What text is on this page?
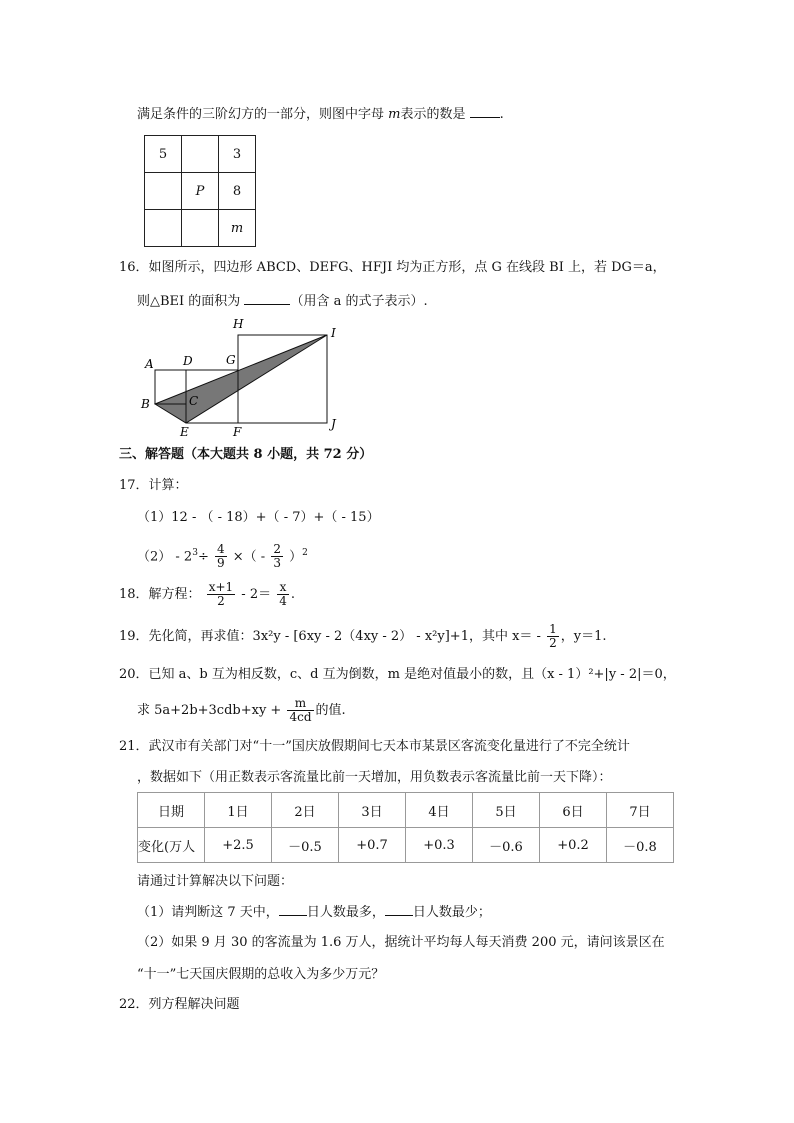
满足条件的三阶幻方的一部分，则图中字母 m表示的数是	.
5		3
	P	8
		m
16．如图所示，四边形 ABCD、DEFG、HFJI 均为正方形，点 G 在线段 BI 上，若 DG＝a，
则△BEI 的面积为	（用含 a 的式子表示）.
A
B	C
D
E	F
G
H
I
J
三、解答题（本大题共 8 小题，共 72 分）
17．计算：
（1）12 - （ - 18）+（ - 7）+（ - 15）
$(2) - 2^3\div \frac{4}{9}$ ×（ - $\frac{2}{3} )^2$
18．解方程： $\frac{x+1}{2} - 2= \frac{x}{4}$ .
19．先化简，再求值：3x²y - [6xy - 2（4xy - 2） - x²y]+1，其中 $x= - \frac{1}{2}$ ，y＝1.
20．已知 a、b 互为相反数，c、d 互为倒数，m 是绝对值最小的数，且（x - 1）²+|y - 2|＝0，
求 $5a+2b+3cdb+xy + \frac{m}{4cd}$ 的值.
21．武汉市有关部门对“十一”国庆放假期间七天本市某景区客流变化量进行了不完全统计
，数据如下（用正数表示客流量比前一天增加，用负数表示客流量比前一天下降）：
日期	1日	2日	3日	4日	5日	6日	7日
变化(万人	+2.5	－0.5	+0.7	+0.3	－0.6	+0.2	－0.8
请通过计算解决以下问题：
（1）请判断这 7 天中， 日人数最多， 日人数最少；
（2）如果 9 月 30 的客流量为 1.6 万人，据统计平均每人每天消费 200 元，请问该景区在
“十一”七天国庆假期的总收入为多少万元？
22．列方程解决问题
